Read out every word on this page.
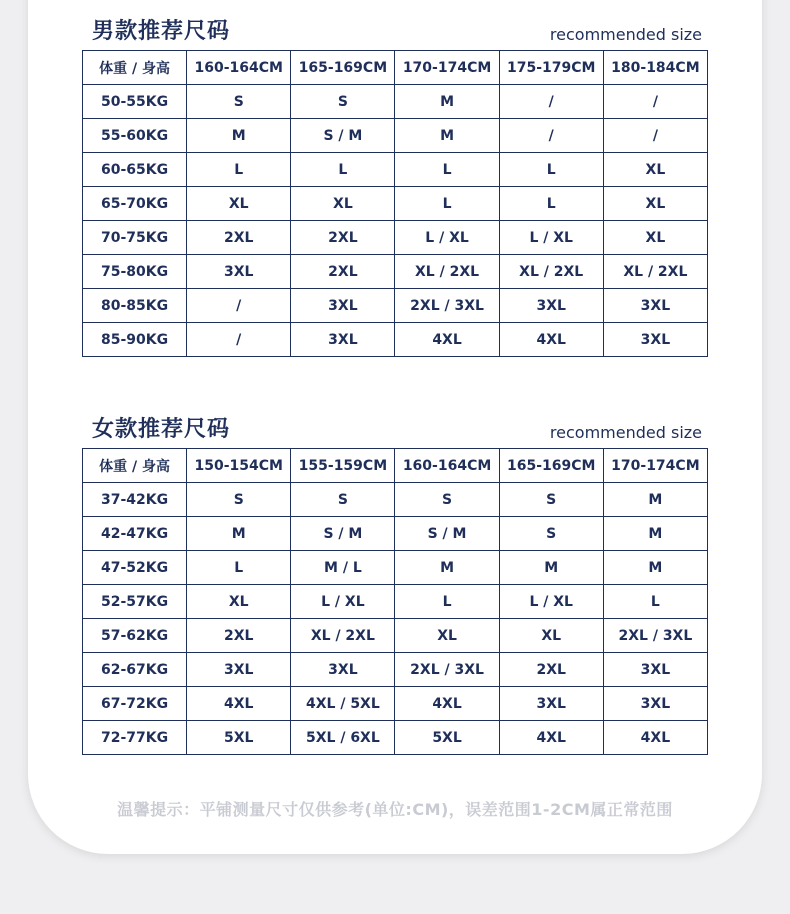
男款推荐尺码	recommended size
体重 / 身高	160-164CM	165-169CM	170-174CM	175-179CM	180-184CM
50-55KG	S	S	M	/	/
55-60KG	M	S / M	M	/	/
60-65KG	L	L	L	L	XL
65-70KG	XL	XL	L	L	XL
70-75KG	2XL	2XL	L / XL	L / XL	XL
75-80KG	3XL	2XL	XL / 2XL	XL / 2XL	XL / 2XL
80-85KG	/	3XL	2XL / 3XL	3XL	3XL
85-90KG	/	3XL	4XL	4XL	3XL
女款推荐尺码	recommended size
体重 / 身高	150-154CM	155-159CM	160-164CM	165-169CM	170-174CM
37-42KG	S	S	S	S	M
42-47KG	M	S / M	S / M	S	M
47-52KG	L	M / L	M	M	M
52-57KG	XL	L / XL	L	L / XL	L
57-62KG	2XL	XL / 2XL	XL	XL	2XL / 3XL
62-67KG	3XL	3XL	2XL / 3XL	2XL	3XL
67-72KG	4XL	4XL / 5XL	4XL	3XL	3XL
72-77KG	5XL	5XL / 6XL	5XL	4XL	4XL
温馨提示：平铺测量尺寸仅供参考(单位:CM)，误差范围1-2CM属正常范围
